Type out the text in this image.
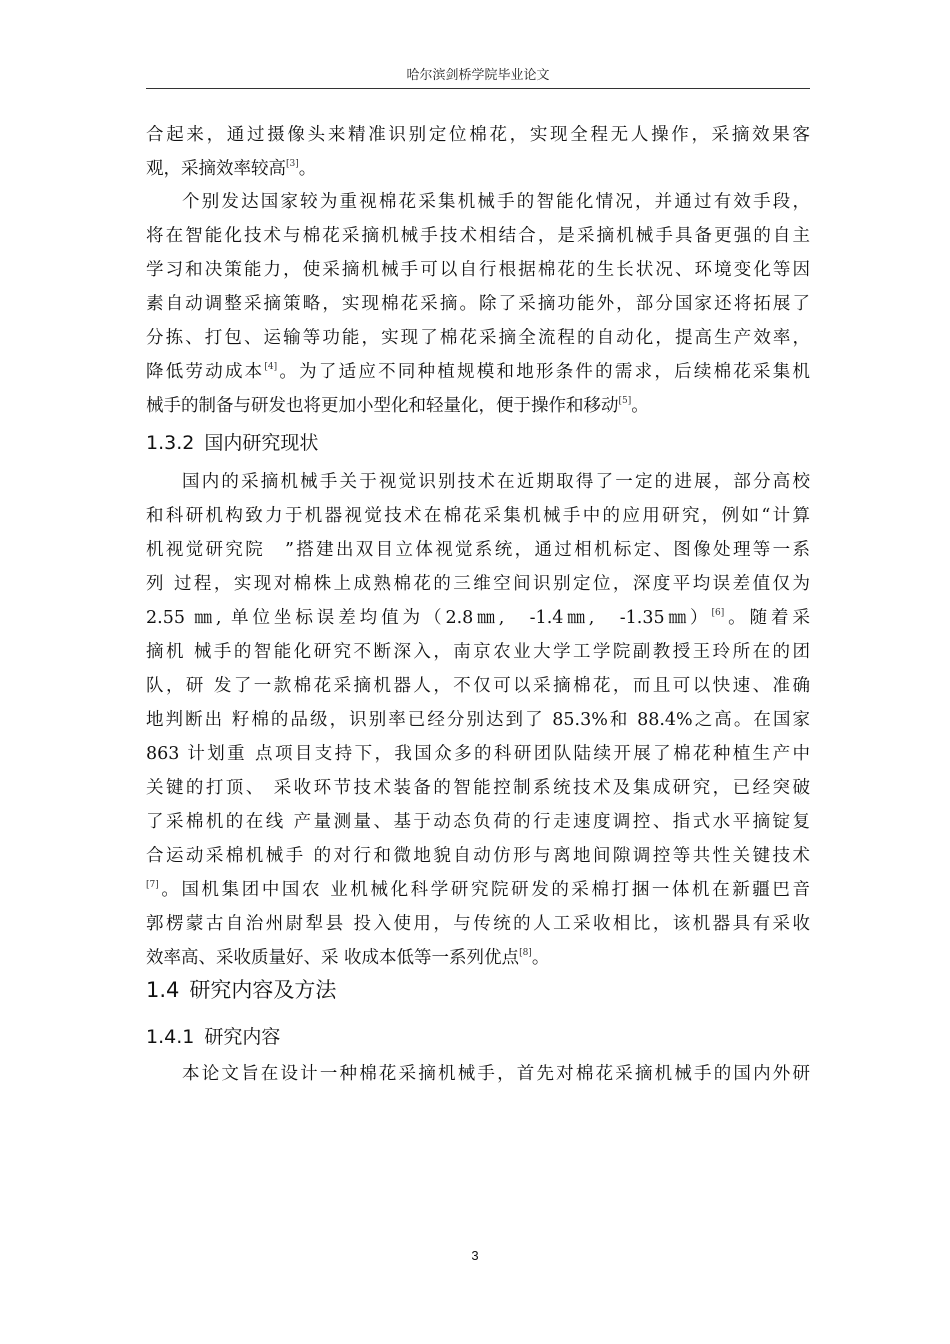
哈尔滨剑桥学院毕业论文
合起来，通过摄像头来精准识别定位棉花，实现全程无人操作，采摘效果客
观，采摘效率较高[3]。
个别发达国家较为重视棉花采集机械手的智能化情况，并通过有效手段，
将在智能化技术与棉花采摘机械手技术相结合，是采摘机械手具备更强的自主
学习和决策能力，使采摘机械手可以自行根据棉花的生长状况、环境变化等因
素自动调整采摘策略，实现棉花采摘。除了采摘功能外，部分国家还将拓展了
分拣、打包、运输等功能，实现了棉花采摘全流程的自动化，提高生产效率，
降低劳动成本[4]。为了适应不同种植规模和地形条件的需求，后续棉花采集机
械手的制备与研发也将更加小型化和轻量化，便于操作和移动[5]。
1.3.2 国内研究现状
国内的采摘机械手关于视觉识别技术在近期取得了一定的进展，部分高校
和科研机构致力于机器视觉技术在棉花采集机械手中的应用研究，例如“计算
机视觉研究院　”搭建出双目立体视觉系统，通过相机标定、图像处理等一系
列 过程，实现对棉株上成熟棉花的三维空间识别定位，深度平均误差值仅为
2.55 ㎜, 单位坐标误差均值为（2.8㎜,　-1.4㎜,　-1.35㎜）[6]。随着采
摘机 械手的智能化研究不断深入，南京农业大学工学院副教授王玲所在的团
队，研 发了一款棉花采摘机器人，不仅可以采摘棉花，而且可以快速、准确
地判断出 籽棉的品级，识别率已经分别达到了 85.3%和 88.4%之高。在国家
863 计划重 点项目支持下，我国众多的科研团队陆续开展了棉花种植生产中
关键的打顶、 采收环节技术装备的智能控制系统技术及集成研究，已经突破
了采棉机的在线 产量测量、基于动态负荷的行走速度调控、指式水平摘锭复
合运动采棉机械手 的对行和微地貌自动仿形与离地间隙调控等共性关键技术
[7]。国机集团中国农 业机械化科学研究院研发的采棉打捆一体机在新疆巴音
郭楞蒙古自治州尉犁县 投入使用，与传统的人工采收相比，该机器具有采收
效率高、采收质量好、采 收成本低等一系列优点[8]。
1.4 研究内容及方法
1.4.1 研究内容
本论文旨在设计一种棉花采摘机械手，首先对棉花采摘机械手的国内外研
3
